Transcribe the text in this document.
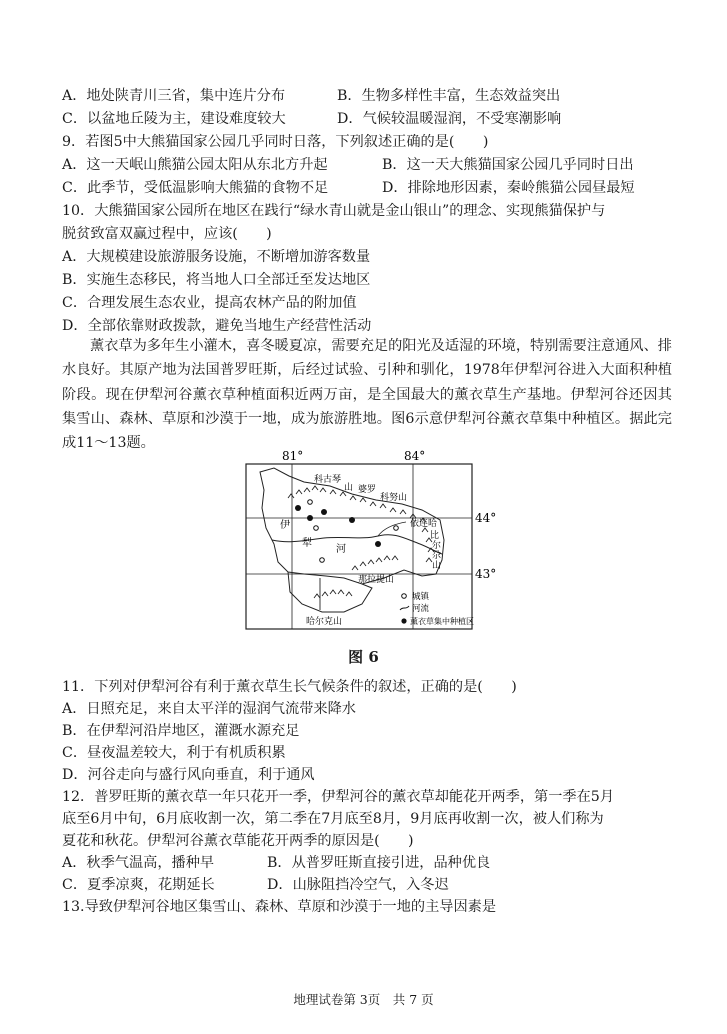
A．地处陕青川三省，集中连片分布	B．生物多样性丰富，生态效益突出
C．以盆地丘陵为主，建设难度较大	D．气候较温暖湿润，不受寒潮影响
9．若图5中大熊猫国家公园几乎同时日落，下列叙述正确的是(　　)
A．这一天岷山熊猫公园太阳从东北方升起	B．这一天大熊猫国家公园几乎同时日出
C．此季节，受低温影响大熊猫的食物不足	D．排除地形因素，秦岭熊猫公园昼最短
10．大熊猫国家公园所在地区在践行“绿水青山就是金山银山”的理念、实现熊猫保护与
脱贫致富双赢过程中，应该(　　)
A．大规模建设旅游服务设施，不断增加游客数量
B．实施生态移民，将当地人口全部迁至发达地区
C．合理发展生态农业，提高农林产品的附加值
D．全部依靠财政拨款，避免当地生产经营性活动
薰衣草为多年生小灌木，喜冬暖夏凉，需要充足的阳光及适湿的环境，特别需要注意通风、排水良好。其原产地为法国普罗旺斯，后经过试验、引种和驯化，1978年伊犁河谷进入大面积种植阶段。现在伊犁河谷薰衣草种植面积近两万亩，是全国最大的薰衣草生产基地。伊犁河谷还因其集雪山、森林、草原和沙漠于一地，成为旅游胜地。图6示意伊犁河谷薰衣草集中种植区。据此完成11～13题。
81°	84°
44°
43°
科古琴
山 婆罗
科努山
伊
犁
河
依连哈
比
尔
尕
山
那拉提山
哈尔克山
城镇
河流
薰衣草集中种植区
图 6
11．下列对伊犁河谷有利于薰衣草生长气候条件的叙述，正确的是(　　)
A．日照充足，来自太平洋的湿润气流带来降水
B．在伊犁河沿岸地区，灌溉水源充足
C．昼夜温差较大，利于有机质积累
D．河谷走向与盛行风向垂直，利于通风
12．普罗旺斯的薰衣草一年只花开一季，伊犁河谷的薰衣草却能花开两季，第一季在5月
底至6月中旬，6月底收割一次，第二季在7月底至8月，9月底再收割一次，被人们称为
夏花和秋花。伊犁河谷薰衣草能花开两季的原因是(　　)
A．秋季气温高，播种早	B．从普罗旺斯直接引进，品种优良
C．夏季凉爽，花期延长	D．山脉阻挡冷空气，入冬迟
13.导致伊犁河谷地区集雪山、森林、草原和沙漠于一地的主导因素是
地理试卷第 3页　共 7 页
